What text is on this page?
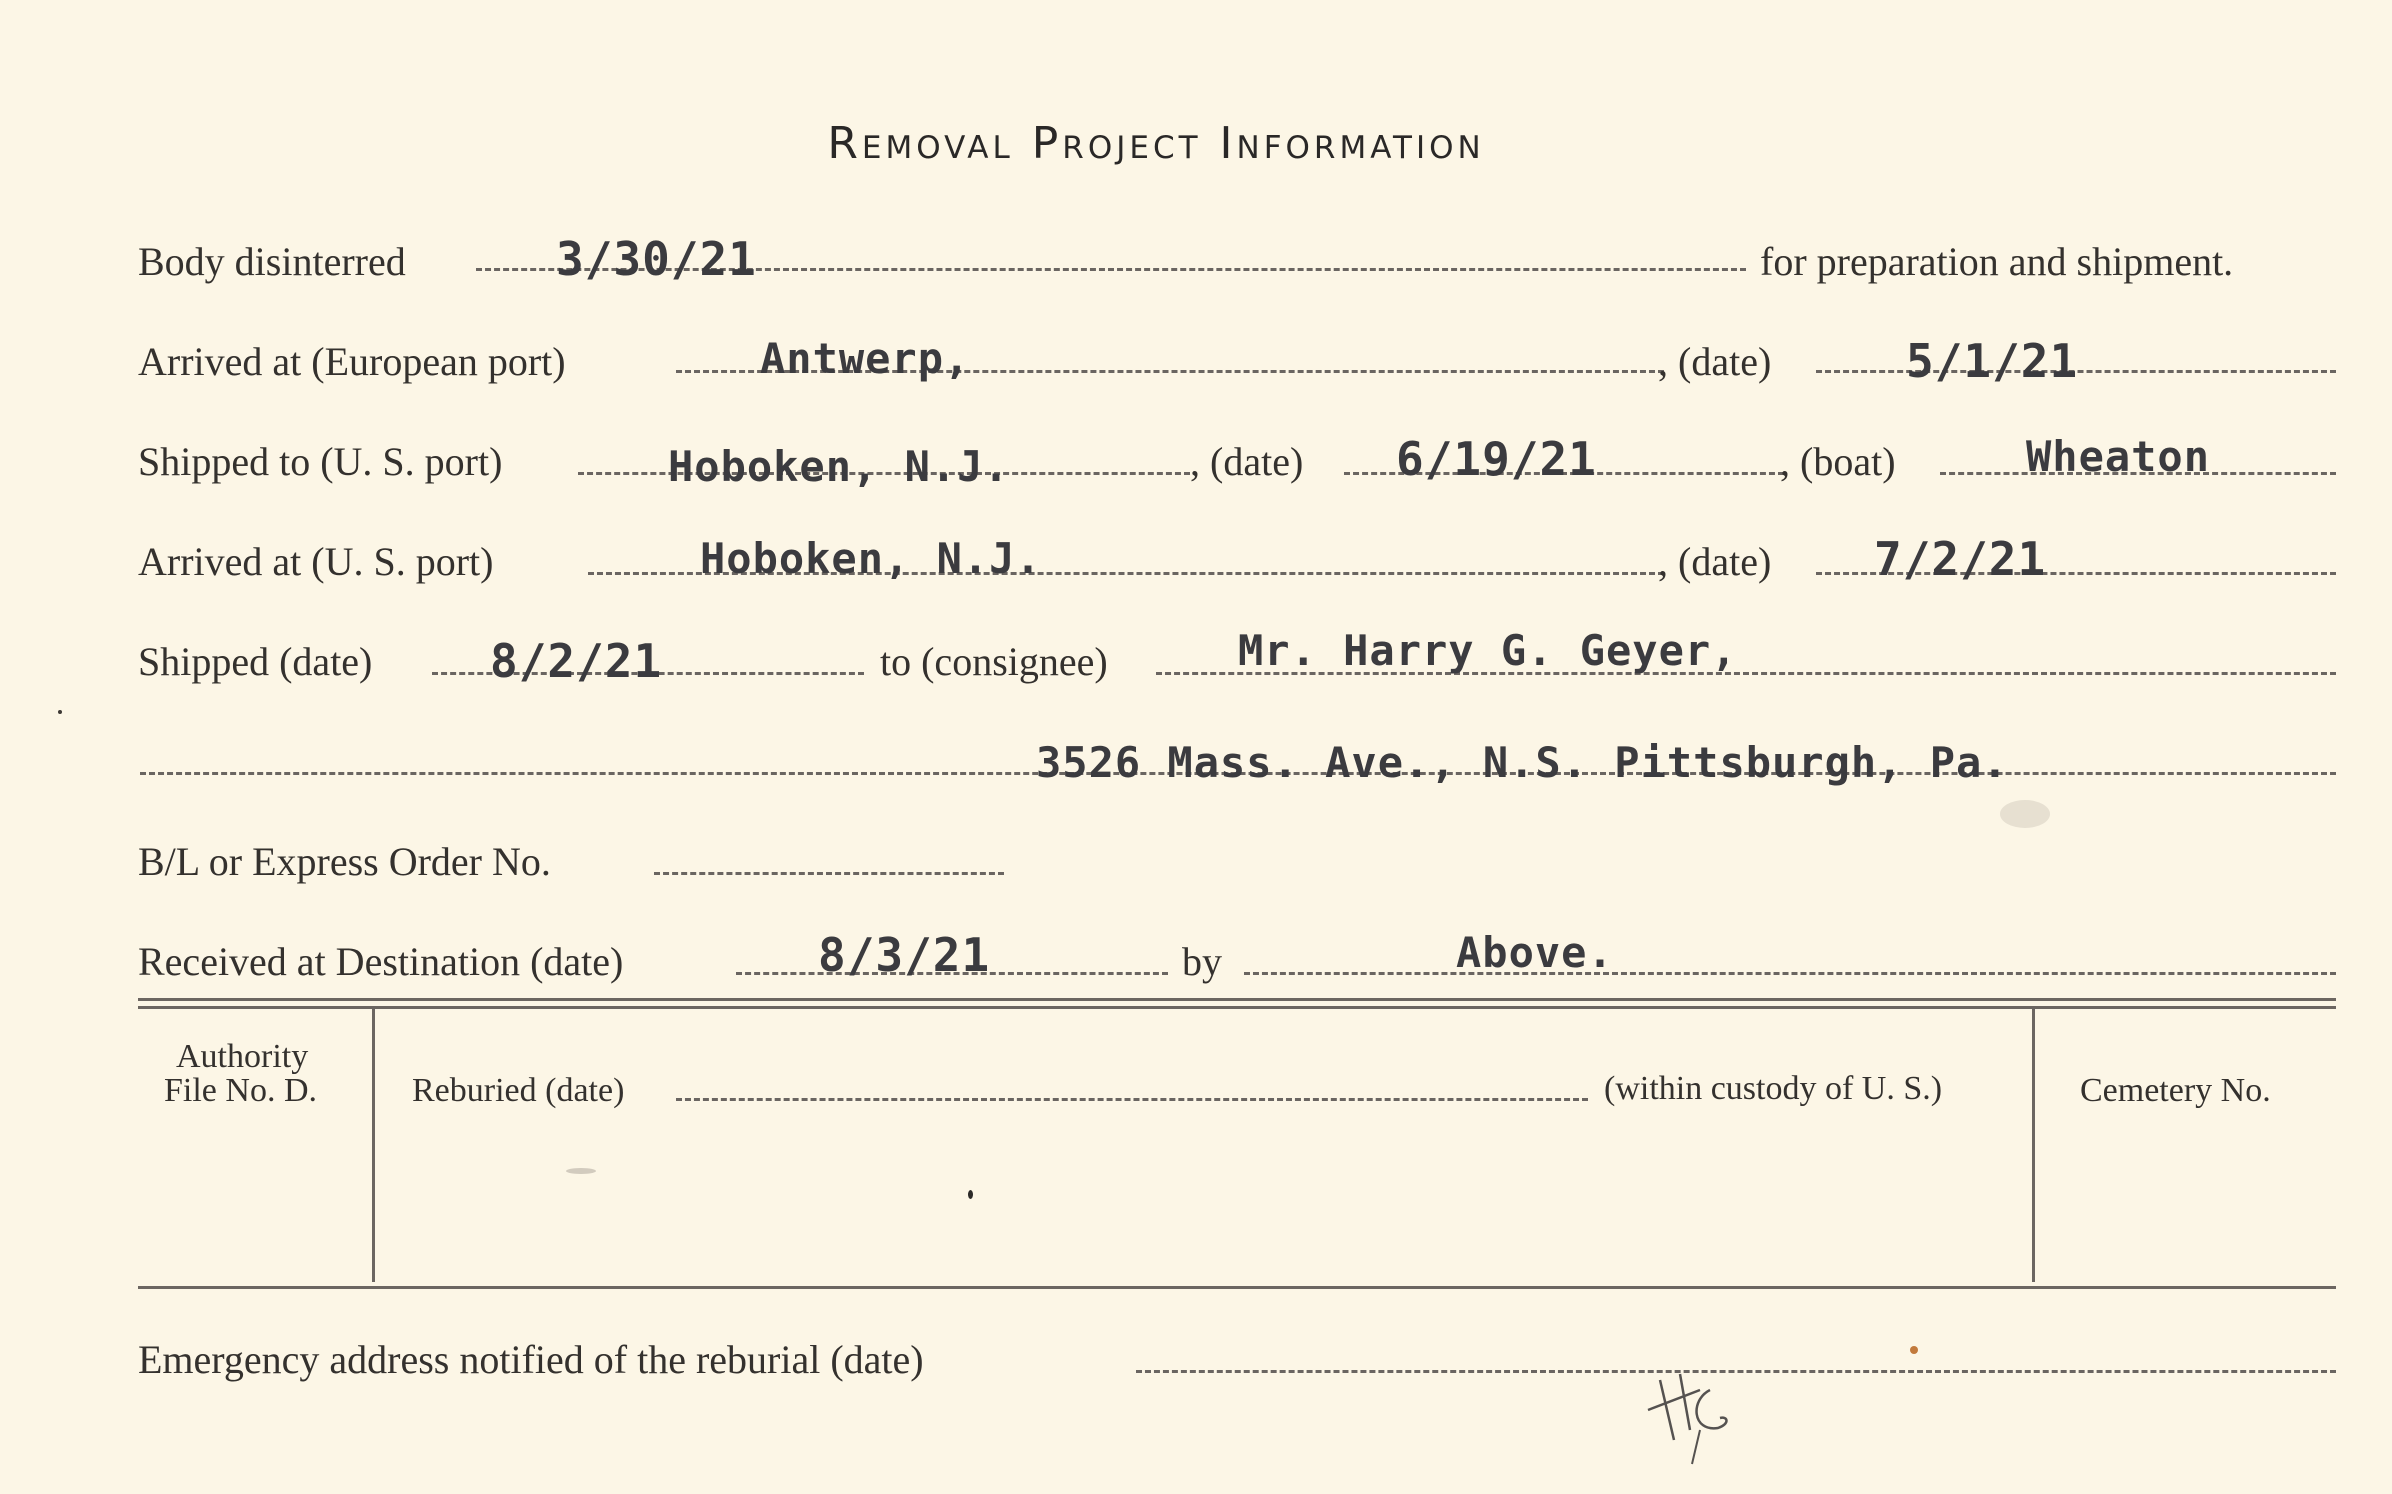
Removal Project Information
Body disinterred	3/30/21	for preparation and shipment.
Arrived at (European port)	Antwerp,	, (date)	5/1/21
Shipped to (U. S. port)	Hoboken, N.J.	, (date) 6/19/21	, (boat)	Wheaton
Arrived at (U. S. port)	Hoboken, N.J.	, (date) 7/2/21
Shipped (date)	8/2/21	to (consignee)	Mr. Harry G. Geyer,
3526 Mass. Ave., N.S. Pittsburgh, Pa.
B/L or Express Order No.
Received at Destination (date)	8/3/21	by	Above.
Authority
File No. D.	Reburied (date)	(within custody of U. S.)	Cemetery No.
Emergency address notified of the reburial (date)
